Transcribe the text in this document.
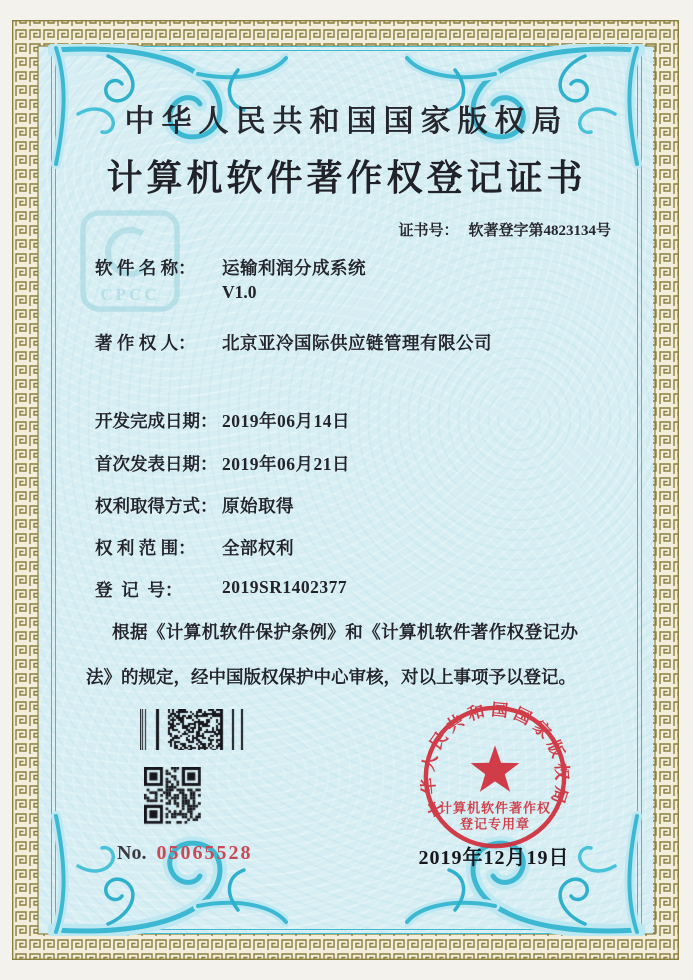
CPCC
中华人民共和国国家版权局
计算机软件著作权登记证书
证书号： 软著登字第4823134号
软 件 名 称： 运输利润分成系统
V1.0
著 作 权 人： 北京亚冷国际供应链管理有限公司
开发完成日期： 2019年06月14日
首次发表日期： 2019年06月21日
权利取得方式： 原始取得
权 利 范 围： 全部权利
登  记  号： 2019SR1402377
根据《计算机软件保护条例》和《计算机软件著作权登记办法》的规定，经中国版权保护中心审核，对以上事项予以登记。
No. 05065528	2019年12月19日
中华人民共和国国家版权局
计算机软件著作权
登记专用章
